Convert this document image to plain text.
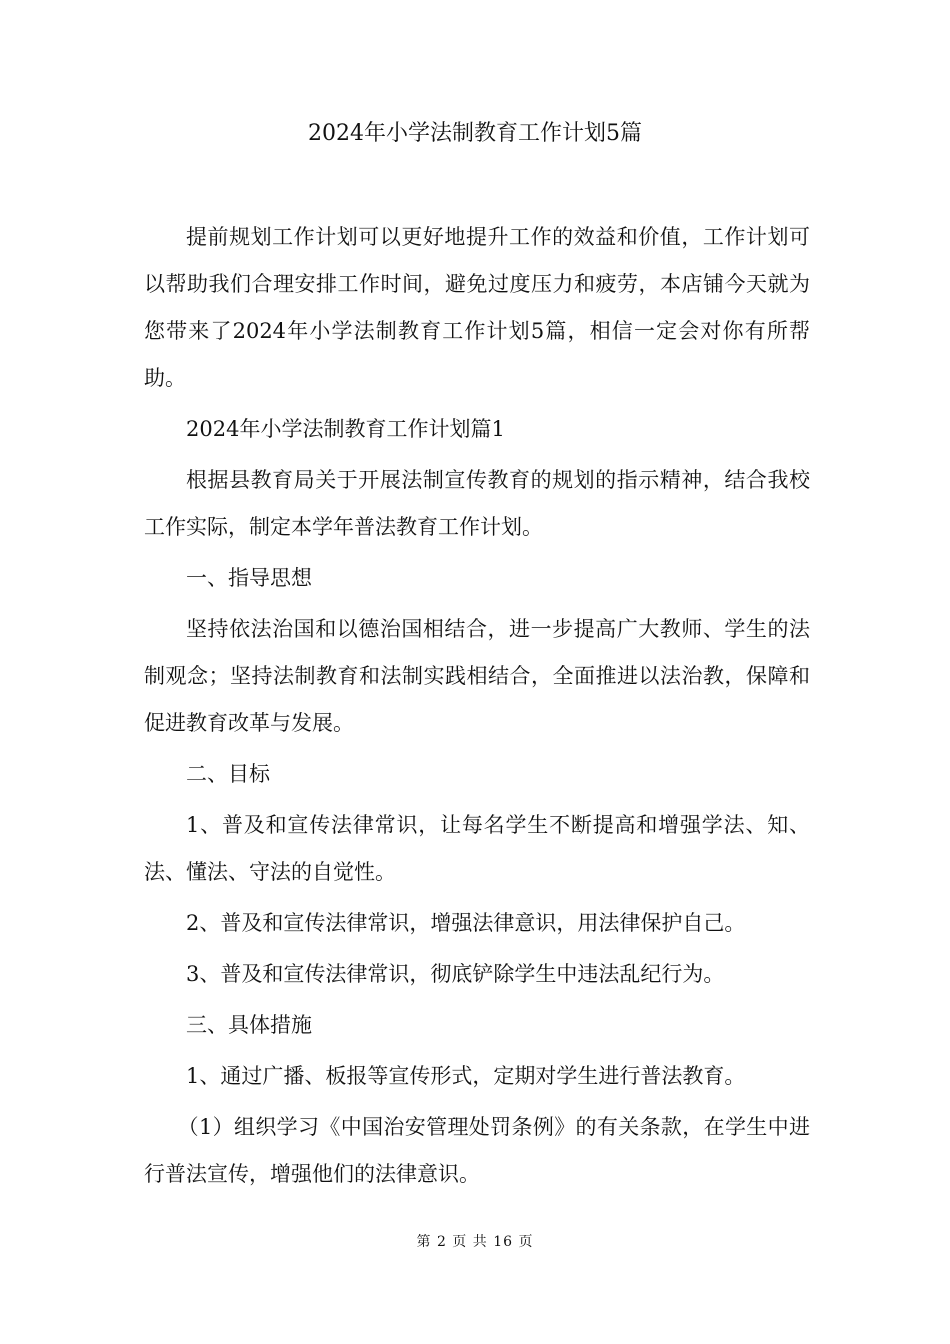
2024年小学法制教育工作计划5篇

提前规划工作计划可以更好地提升工作的效益和价值，工作计划可以帮助我们合理安排工作时间，避免过度压力和疲劳，本店铺今天就为您带来了2024年小学法制教育工作计划5篇，相信一定会对你有所帮助。

2024年小学法制教育工作计划篇1

根据县教育局关于开展法制宣传教育的规划的指示精神，结合我校工作实际，制定本学年普法教育工作计划。

一、指导思想

坚持依法治国和以德治国相结合，进一步提高广大教师、学生的法制观念；坚持法制教育和法制实践相结合，全面推进以法治教，保障和促进教育改革与发展。

二、目标

1、普及和宣传法律常识，让每名学生不断提高和增强学法、知、法、懂法、守法的自觉性。

2、普及和宣传法律常识，增强法律意识，用法律保护自己。

3、普及和宣传法律常识，彻底铲除学生中违法乱纪行为。

三、具体措施

1、通过广播、板报等宣传形式，定期对学生进行普法教育。

（1）组织学习《中国治安管理处罚条例》的有关条款，在学生中进行普法宣传，增强他们的法律意识。

第 2 页 共 16 页
